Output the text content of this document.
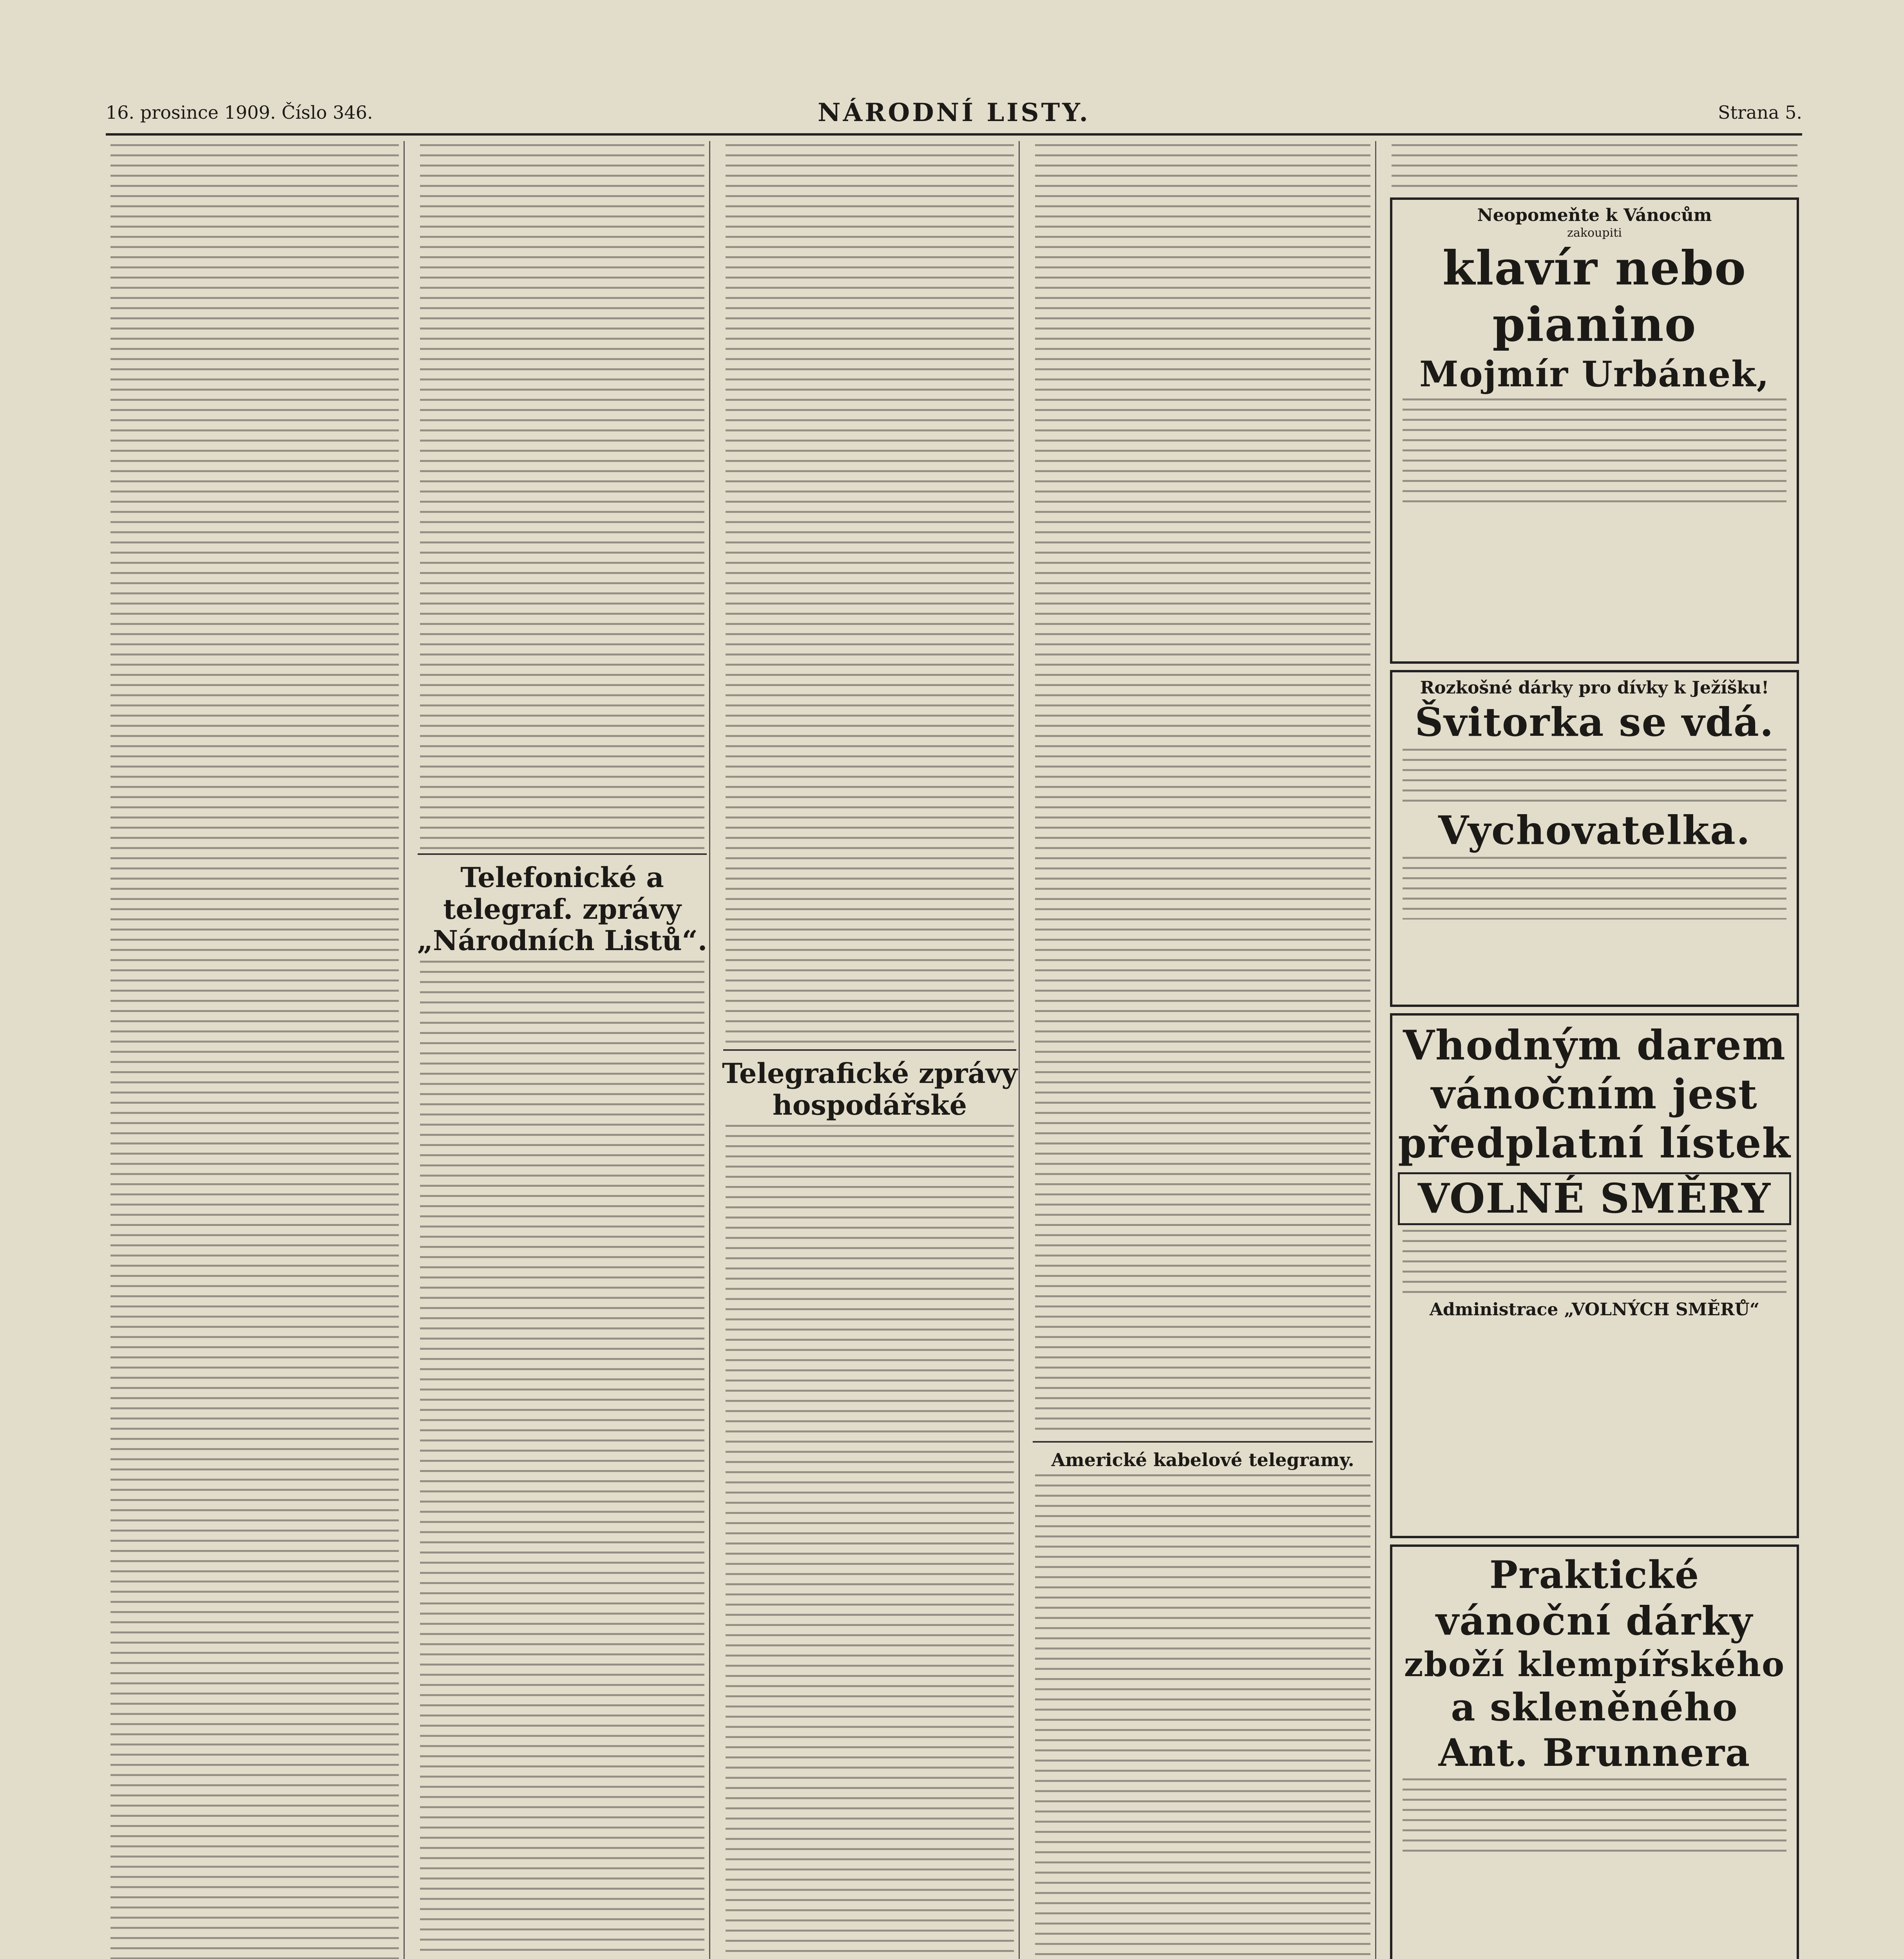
16. prosince 1909. Číslo 346.	NÁRODNÍ LISTY.	Strana 5.
Telefonické a telegraf. zprávy „Národních Listů“.
Telegrafické zprávy hospodářské
Americké kabelové telegramy.
Neopomeňte k Vánocům
zakoupiti
klavír nebo
pianino
Mojmír Urbánek,
Rozkošné dárky pro dívky k Ježíšku!
Švitorka se vdá.
Vychovatelka.
Vhodným darem
vánočním jest
předplatní lístek
VOLNÉ SMĚRY
Administrace „VOLNÝCH SMĚRŮ“
Praktické
vánoční dárky
zboží klempířského
a skleněného
Ant. Brunnera
